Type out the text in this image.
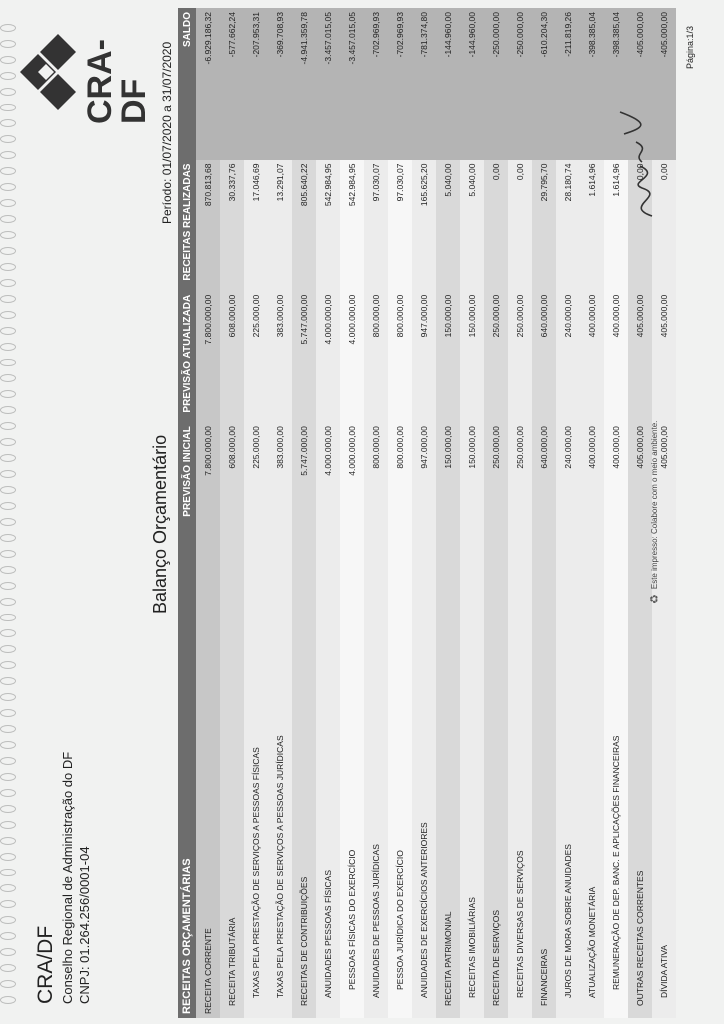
CRA/DF Conselho Regional de Administração do DF CNPJ: 01.264.256/0001-04
Balanço Orçamentário
CRA-DF Período: 01/07/2020 a 31/07/2020
RECEITAS ORÇAMENTÁRIAS	PREVISÃO INICIAL	PREVISÃO ATUALIZADA	RECEITAS REALIZADAS	SALDO
RECEITA CORRENTE	7.800.000,00	7.800.000,00	870.813,68	-6.929.186,32
RECEITA TRIBUTÁRIA	608.000,00	608.000,00	30.337,76	-577.662,24
TAXAS PELA PRESTAÇÃO DE SERVIÇOS A PESSOAS FÍSICAS	225.000,00	225.000,00	17.046,69	-207.953,31
TAXAS PELA PRESTAÇÃO DE SERVIÇOS A PESSOAS JURÍDICAS	383.000,00	383.000,00	13.291,07	-369.708,93
RECEITAS DE CONTRIBUIÇÕES	5.747.000,00	5.747.000,00	805.640,22	-4.941.359,78
ANUIDADES PESSOAS FÍSICAS	4.000.000,00	4.000.000,00	542.984,95	-3.457.015,05
PESSOAS FÍSICAS DO EXERCÍCIO	4.000.000,00	4.000.000,00	542.984,95	-3.457.015,05
ANUIDADES DE PESSOAS JURÍDICAS	800.000,00	800.000,00	97.030,07	-702.969,93
PESSOA JURÍDICA DO EXERCÍCIO	800.000,00	800.000,00	97.030,07	-702.969,93
ANUIDADES DE EXERCÍCIOS ANTERIORES	947.000,00	947.000,00	165.625,20	-781.374,80
RECEITA PATRIMONIAL	150.000,00	150.000,00	5.040,00	-144.960,00
RECEITAS IMOBILIÁRIAS	150.000,00	150.000,00	5.040,00	-144.960,00
RECEITA DE SERVIÇOS	250.000,00	250.000,00	0,00	-250.000,00
RECEITAS DIVERSAS DE SERVIÇOS	250.000,00	250.000,00	0,00	-250.000,00
FINANCEIRAS	640.000,00	640.000,00	29.795,70	-610.204,30
JUROS DE MORA SOBRE ANUIDADES	240.000,00	240.000,00	28.180,74	-211.819,26
ATUALIZAÇÃO MONETÁRIA	400.000,00	400.000,00	1.614,96	-398.385,04
REMUNERAÇÃO DE DEP. BANC. E APLICAÇÕES FINANCEIRAS	400.000,00	400.000,00	1.614,96	-398.385,04
OUTRAS RECEITAS CORRENTES	405.000,00	405.000,00	0,00	-405.000,00
DÍVIDA ATIVA	405.000,00	405.000,00	0,00	-405.000,00
♻
Este impresso: Colabore com o meio ambiente.
Página:1/3
